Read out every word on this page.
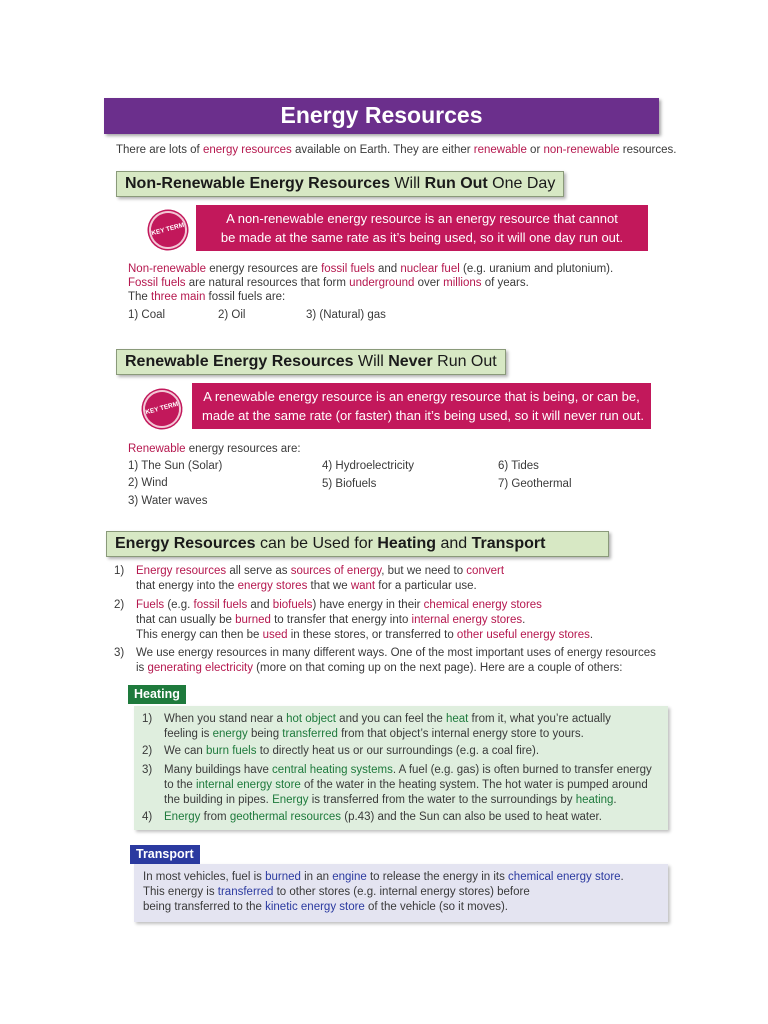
Energy Resources
There are lots of energy resources available on Earth. They are either renewable or non-renewable resources.
Non-Renewable Energy Resources Will Run Out One Day
KEY TERM
A non-renewable energy resource is an energy resource that cannot
be made at the same rate as it’s being used, so it will one day run out.
Non-renewable energy resources are fossil fuels and nuclear fuel (e.g. uranium and plutonium).
Fossil fuels are natural resources that form underground over millions of years.
The three main fossil fuels are:
1) Coal	2) Oil	3) (Natural) gas
Renewable Energy Resources Will Never Run Out
KEY TERM
A renewable energy resource is an energy resource that is being, or can be,
made at the same rate (or faster) than it’s being used, so it will never run out.
Renewable energy resources are:
1) The Sun (Solar)
2) Wind
3) Water waves
4) Hydroelectricity
5) Biofuels
6) Tides
7) Geothermal
Energy Resources can be Used for Heating and Transport
1) Energy resources all serve as sources of energy, but we need to convert
that energy into the energy stores that we want for a particular use.
2) Fuels (e.g. fossil fuels and biofuels) have energy in their chemical energy stores
that can usually be burned to transfer that energy into internal energy stores.
This energy can then be used in these stores, or transferred to other useful energy stores.
3) We use energy resources in many different ways. One of the most important uses of energy resources
is generating electricity (more on that coming up on the next page). Here are a couple of others:
Heating
1) When you stand near a hot object and you can feel the heat from it, what you’re actually
feeling is energy being transferred from that object’s internal energy store to yours.
2) We can burn fuels to directly heat us or our surroundings (e.g. a coal fire).
3) Many buildings have central heating systems. A fuel (e.g. gas) is often burned to transfer energy
to the internal energy store of the water in the heating system. The hot water is pumped around
the building in pipes. Energy is transferred from the water to the surroundings by heating.
4) Energy from geothermal resources (p.43) and the Sun can also be used to heat water.
Transport
In most vehicles, fuel is burned in an engine to release the energy in its chemical energy store.
This energy is transferred to other stores (e.g. internal energy stores) before
being transferred to the kinetic energy store of the vehicle (so it moves).
